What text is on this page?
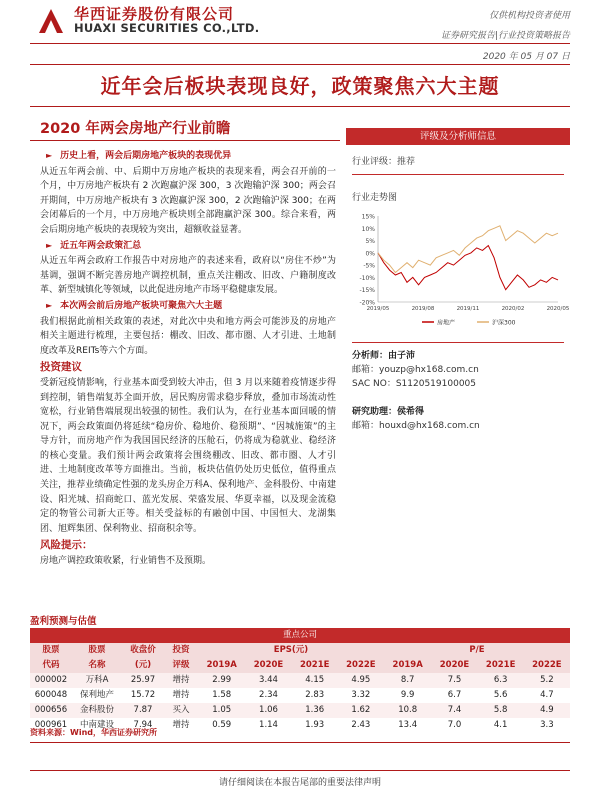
华西证券股份有限公司
HUAXI SECURITIES CO.,LTD.
仅供机构投资者使用
证券研究报告|行业投资策略报告
2020 年 05 月 07 日
近年会后板块表现良好，政策聚焦六大主题
2020 年两会房地产行业前瞻
► 历史上看，两会后期房地产板块的表现优异

从近五年两会前、中、后期中万房地产板块的表现来看，两会召开前的一个月，中万房地产板块有 2 次跑赢沪深 300，3 次跑输沪深 300；两会召开期间，中万房地产板块有 3 次跑赢沪深 300，2 次跑输沪深 300；在两会闭幕后的一个月，中万房地产板块则全部跑赢沪深 300。综合来看，两会后期房地产板块的表现较为突出，超额收益显著。

► 近五年两会政策汇总

从近五年两会政府工作报告中对房地产的表述来看，政府以“房住不炒”为基调，强调不断完善房地产调控机制，重点关注棚改、旧改、户籍制度改革、新型城镇化等领域，以此促进房地产市场平稳健康发展。

► 本次两会前后房地产板块可聚焦六大主题

我们根据此前相关政策的表述，对此次中央和地方两会可能涉及的房地产相关主题进行梳理，主要包括：棚改、旧改、都市圈、人才引进、土地制度改革及REITs等六个方面。

投资建议

受新冠疫情影响，行业基本面受到较大冲击，但 3 月以来随着疫情逐步得到控制，销售端复苏全面开放，居民购房需求稳步释放，叠加市场流动性宽松，行业销售端展现出较强的韧性。我们认为，在行业基本面回暖的情况下，两会政策面仍将延续“稳房价、稳地价、稳预期”、“因城施策”的主导方针，而房地产作为我国国民经济的压舱石，仍将成为稳就业、稳经济的核心变量。我们预计两会政策将会围绕棚改、旧改、都市圈、人才引进、土地制度改革等方面推出。当前，板块估值仍处历史低位，值得重点关注，推荐业绩确定性强的龙头房企万科A、保利地产、金科股份、中南建设、阳光城、招商蛇口、蓝光发展、荣盛发展、华夏幸福，以及现金流稳定的物管公司新大正等。相关受益标的有融创中国、中国恒大、龙湖集团、旭辉集团、保利物业、招商积余等。

风险提示：

房地产调控政策收紧，行业销售不及预期。

评级及分析师信息
行业评级：推荐
行业走势图
15%
10%
5%
0%
-5%
-10%
-15%
-20%
2019/05	2019/08	2019/11	2020/02	2020/05
房地产	沪深300
分析师：由子沛
邮箱：youzp@hx168.com.cn
SAC NO：S1120519100005
研究助理：侯希得
邮箱：houxd@hx168.com.cn
盈利预测与估值
重点公司											
股票	股票	收盘价	投资	EPS(元)				P/E			
代码	名称	(元)	评级	2019A	2020E	2021E	2022E	2019A	2020E	2021E	2022E
000002	万科A	25.97	增持	2.99	3.44	4.15	4.95	8.7	7.5	6.3	5.2
600048	保利地产	15.72	增持	1.58	2.34	2.83	3.32	9.9	6.7	5.6	4.7
000656	金科股份	7.87	买入	1.05	1.06	1.36	1.62	10.8	7.4	5.8	4.9
000961	中南建设	7.94	增持	0.59	1.14	1.93	2.43	13.4	7.0	4.1	3.3
资料来源：Wind，华西证券研究所
请仔细阅读在本报告尾部的重要法律声明
